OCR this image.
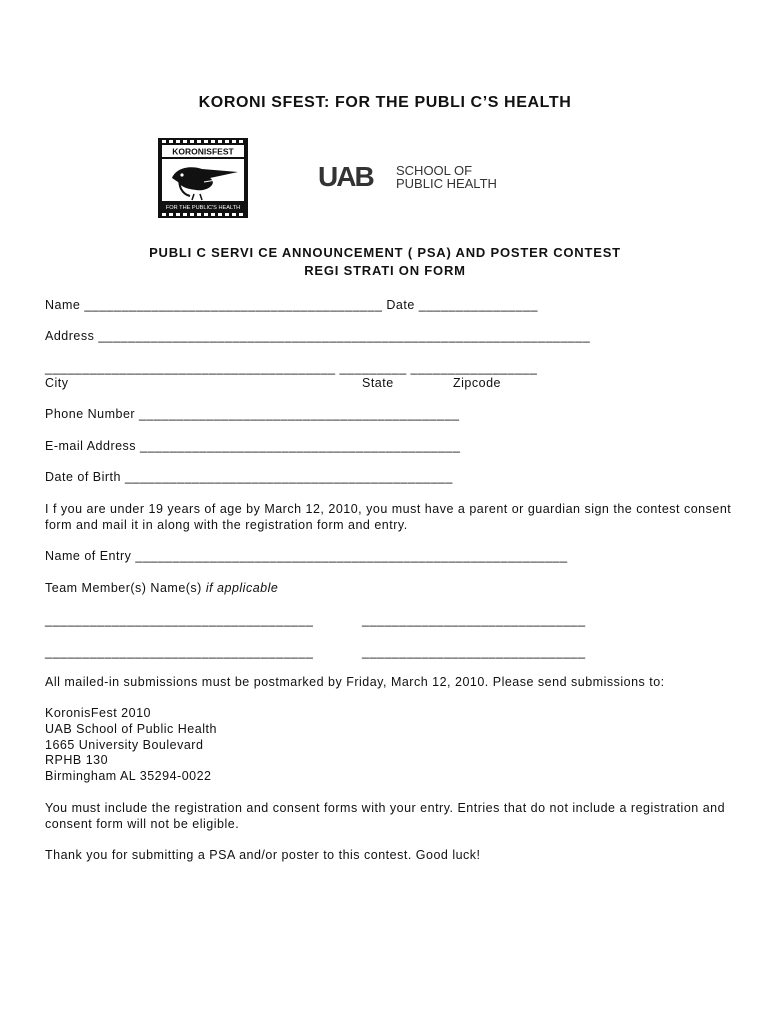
KORONI SFEST: FOR THE PUBLI C’S HEALTH
KORONISFEST
FOR THE PUBLIC'S HEALTH
UAB SCHOOL OF
PUBLIC HEALTH
PUBLI C SERVI CE ANNOUNCEMENT ( PSA) AND POSTER CONTEST
REGI STRATI ON FORM
Name ________________________________________ Date ________________
Address __________________________________________________________________
_______________________________________ _________ _________________
City	State	Zipcode
Phone Number ___________________________________________
E-mail Address ___________________________________________
Date of Birth ____________________________________________
I f you are under 19 years of age by March 12, 2010, you must have a parent or guardian sign the contest consent form and mail it in along with the registration form and entry.
Name of Entry __________________________________________________________
Team Member(s) Name(s) if applicable
____________________________________	______________________________
____________________________________	______________________________
All mailed-in submissions must be postmarked by Friday, March 12, 2010. Please send submissions to:
KoronisFest 2010
UAB School of Public Health
1665 University Boulevard
RPHB 130
Birmingham AL 35294-0022
You must include the registration and consent forms with your entry. Entries that do not include a registration and consent form will not be eligible.
Thank you for submitting a PSA and/or poster to this contest. Good luck!
